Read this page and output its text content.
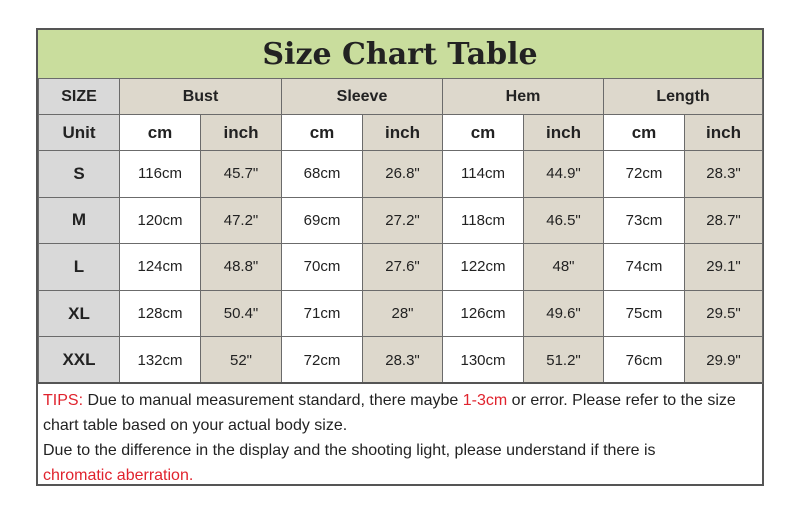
Size Chart Table
SIZE	Bust		Sleeve		Hem		Length	
Unit	cm	inch	cm	inch	cm	inch	cm	inch
S	116cm	45.7"	68cm	26.8"	114cm	44.9"	72cm	28.3"
M	120cm	47.2"	69cm	27.2"	118cm	46.5"	73cm	28.7"
L	124cm	48.8"	70cm	27.6"	122cm	48"	74cm	29.1"
XL	128cm	50.4"	71cm	28"	126cm	49.6"	75cm	29.5"
XXL	132cm	52"	72cm	28.3"	130cm	51.2"	76cm	29.9"
TIPS: Due to manual measurement standard, there maybe 1-3cm or error. Please refer to the size chart table based on your actual body size.
Due to the difference in the display and the shooting light, please understand if there is
chromatic aberration.
